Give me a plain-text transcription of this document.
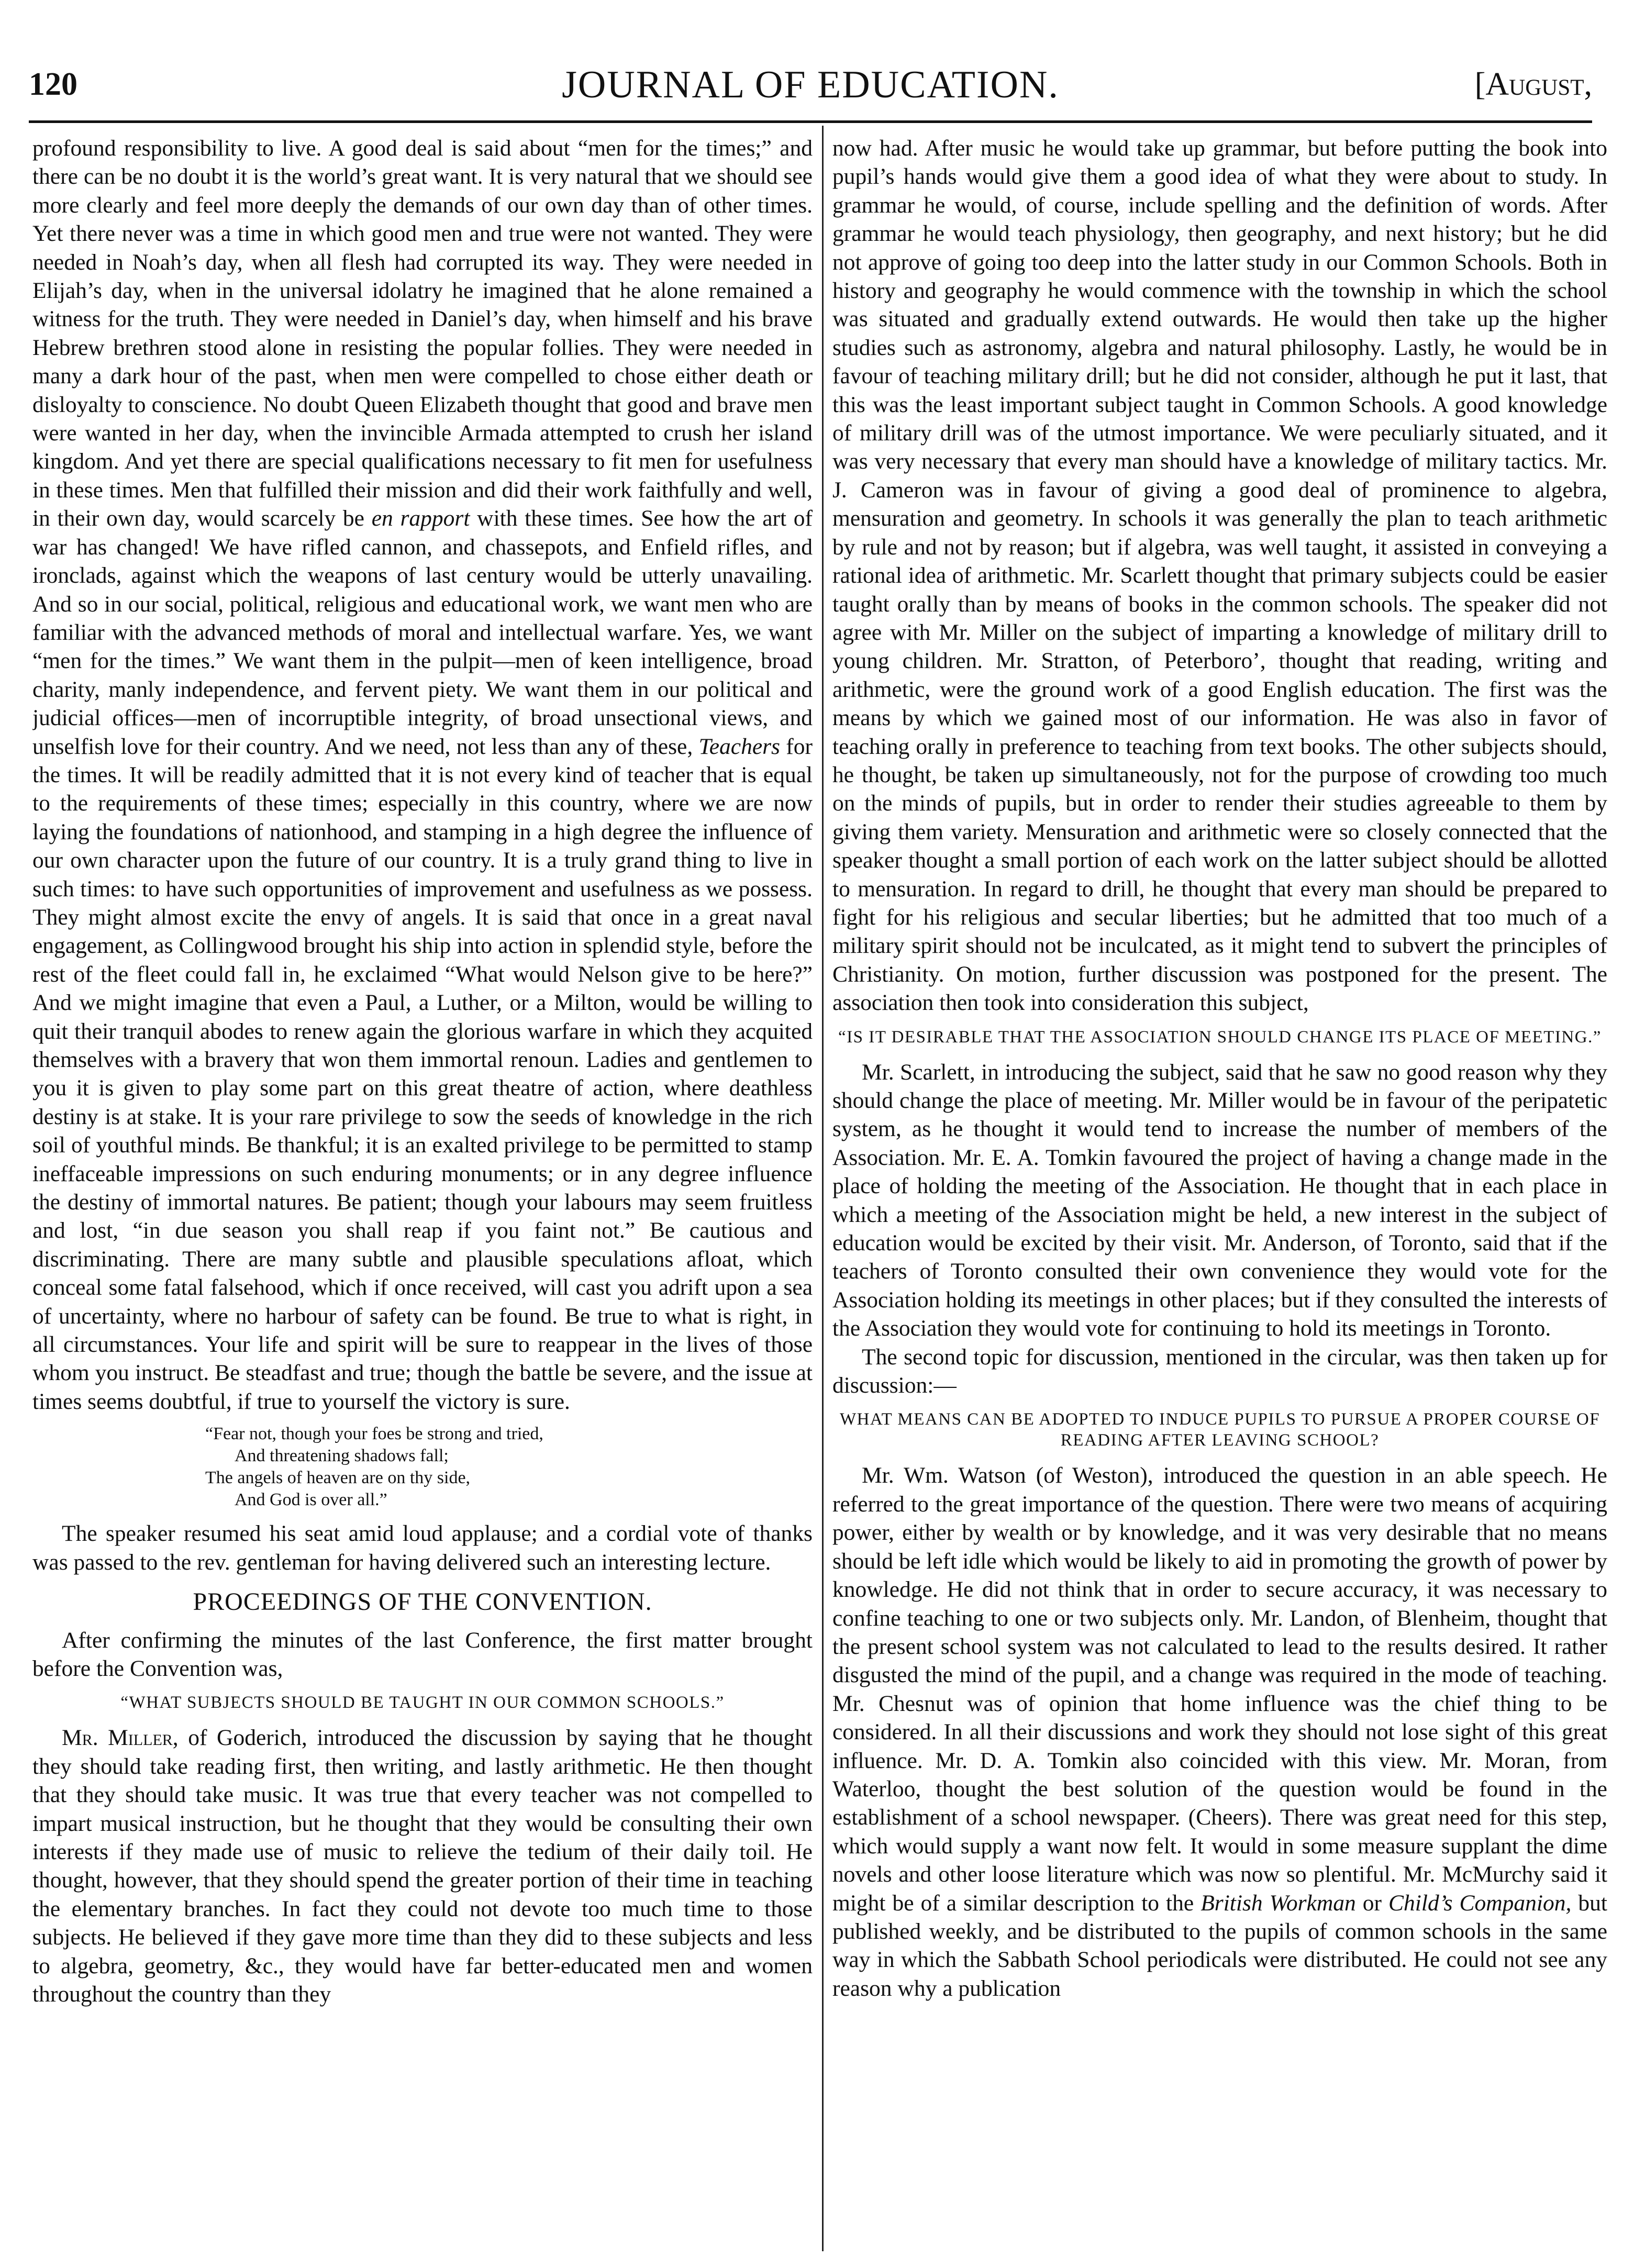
120	JOURNAL OF EDUCATION.	[August,

profound responsibility to live. A good deal is said about “men for the times;” and there can be no doubt it is the world’s great want. It is very natural that we should see more clearly and feel more deeply the demands of our own day than of other times. Yet there never was a time in which good men and true were not wanted. They were needed in Noah’s day, when all flesh had corrupted its way. They were needed in Elijah’s day, when in the universal idolatry he imagined that he alone remained a witness for the truth. They were needed in Daniel’s day, when himself and his brave Hebrew brethren stood alone in resisting the popular follies. They were needed in many a dark hour of the past, when men were compelled to chose either death or disloyalty to conscience. No doubt Queen Elizabeth thought that good and brave men were wanted in her day, when the invincible Armada attempted to crush her island kingdom. And yet there are special qualifications necessary to fit men for usefulness in these times. Men that fulfilled their mission and did their work faithfully and well, in their own day, would scarcely be en rapport with these times. See how the art of war has changed! We have rifled cannon, and chassepots, and Enfield rifles, and ironclads, against which the weapons of last century would be utterly unavailing. And so in our social, political, religious and educational work, we want men who are familiar with the advanced methods of moral and intellectual warfare. Yes, we want “men for the times.” We want them in the pulpit—men of keen intelligence, broad charity, manly independence, and fervent piety. We want them in our political and judicial offices—men of incorruptible integrity, of broad unsectional views, and unselfish love for their country. And we need, not less than any of these, Teachers for the times. It will be readily admitted that it is not every kind of teacher that is equal to the requirements of these times; especially in this country, where we are now laying the foundations of nationhood, and stamping in a high degree the influence of our own character upon the future of our country. It is a truly grand thing to live in such times: to have such opportunities of improvement and usefulness as we possess. They might almost excite the envy of angels. It is said that once in a great naval engagement, as Collingwood brought his ship into action in splendid style, before the rest of the fleet could fall in, he exclaimed “What would Nelson give to be here?” And we might imagine that even a Paul, a Luther, or a Milton, would be willing to quit their tranquil abodes to renew again the glorious warfare in which they acquited themselves with a bravery that won them immortal renoun. Ladies and gentlemen to you it is given to play some part on this great theatre of action, where deathless destiny is at stake. It is your rare privilege to sow the seeds of knowledge in the rich soil of youthful minds. Be thankful; it is an exalted privilege to be permitted to stamp ineffaceable impressions on such enduring monuments; or in any degree influence the destiny of immortal natures. Be patient; though your labours may seem fruitless and lost, “in due season you shall reap if you faint not.” Be cautious and discriminating. There are many subtle and plausible speculations afloat, which conceal some fatal falsehood, which if once received, will cast you adrift upon a sea of uncertainty, where no harbour of safety can be found. Be true to what is right, in all circumstances. Your life and spirit will be sure to reappear in the lives of those whom you instruct. Be steadfast and true; though the battle be severe, and the issue at times seems doubtful, if true to yourself the victory is sure.

“Fear not, though your foes be strong and tried,
And threatening shadows fall;
The angels of heaven are on thy side,
And God is over all.”

The speaker resumed his seat amid loud applause; and a cordial vote of thanks was passed to the rev. gentleman for having delivered such an interesting lecture.

PROCEEDINGS OF THE CONVENTION.

After confirming the minutes of the last Conference, the first matter brought before the Convention was,

“WHAT SUBJECTS SHOULD BE TAUGHT IN OUR COMMON SCHOOLS.”

Mr. Miller, of Goderich, introduced the discussion by saying that he thought they should take reading first, then writing, and lastly arithmetic. He then thought that they should take music. It was true that every teacher was not compelled to impart musical instruction, but he thought that they would be consulting their own interests if they made use of music to relieve the tedium of their daily toil. He thought, however, that they should spend the greater portion of their time in teaching the elementary branches. In fact they could not devote too much time to those subjects. He believed if they gave more time than they did to these subjects and less to algebra, geometry, &c., they would have far better-educated men and women throughout the country than they

now had. After music he would take up grammar, but before putting the book into pupil’s hands would give them a good idea of what they were about to study. In grammar he would, of course, include spelling and the definition of words. After grammar he would teach physiology, then geography, and next history; but he did not approve of going too deep into the latter study in our Common Schools. Both in history and geography he would commence with the township in which the school was situated and gradually extend outwards. He would then take up the higher studies such as astronomy, algebra and natural philosophy. Lastly, he would be in favour of teaching military drill; but he did not consider, although he put it last, that this was the least important subject taught in Common Schools. A good knowledge of military drill was of the utmost importance. We were peculiarly situated, and it was very necessary that every man should have a knowledge of military tactics. Mr. J. Cameron was in favour of giving a good deal of prominence to algebra, mensuration and geometry. In schools it was generally the plan to teach arithmetic by rule and not by reason; but if algebra, was well taught, it assisted in conveying a rational idea of arithmetic. Mr. Scarlett thought that primary subjects could be easier taught orally than by means of books in the common schools. The speaker did not agree with Mr. Miller on the subject of imparting a knowledge of military drill to young children. Mr. Stratton, of Peterboro’, thought that reading, writing and arithmetic, were the ground work of a good English education. The first was the means by which we gained most of our information. He was also in favor of teaching orally in preference to teaching from text books. The other subjects should, he thought, be taken up simultaneously, not for the purpose of crowding too much on the minds of pupils, but in order to render their studies agreeable to them by giving them variety. Mensuration and arithmetic were so closely connected that the speaker thought a small portion of each work on the latter subject should be allotted to mensuration. In regard to drill, he thought that every man should be prepared to fight for his religious and secular liberties; but he admitted that too much of a military spirit should not be inculcated, as it might tend to subvert the principles of Christianity. On motion, further discussion was postponed for the present. The association then took into consideration this subject,

“IS IT DESIRABLE THAT THE ASSOCIATION SHOULD CHANGE ITS PLACE OF MEETING.”

Mr. Scarlett, in introducing the subject, said that he saw no good reason why they should change the place of meeting. Mr. Miller would be in favour of the peripatetic system, as he thought it would tend to increase the number of members of the Association. Mr. E. A. Tomkin favoured the project of having a change made in the place of holding the meeting of the Association. He thought that in each place in which a meeting of the Association might be held, a new interest in the subject of education would be excited by their visit. Mr. Anderson, of Toronto, said that if the teachers of Toronto consulted their own convenience they would vote for the Association holding its meetings in other places; but if they consulted the interests of the Association they would vote for continuing to hold its meetings in Toronto.

The second topic for discussion, mentioned in the circular, was then taken up for discussion:—

WHAT MEANS CAN BE ADOPTED TO INDUCE PUPILS TO PURSUE A PROPER COURSE OF READING AFTER LEAVING SCHOOL?

Mr. Wm. Watson (of Weston), introduced the question in an able speech. He referred to the great importance of the question. There were two means of acquiring power, either by wealth or by knowledge, and it was very desirable that no means should be left idle which would be likely to aid in promoting the growth of power by knowledge. He did not think that in order to secure accuracy, it was necessary to confine teaching to one or two subjects only. Mr. Landon, of Blenheim, thought that the present school system was not calculated to lead to the results desired. It rather disgusted the mind of the pupil, and a change was required in the mode of teaching. Mr. Chesnut was of opinion that home influence was the chief thing to be considered. In all their discussions and work they should not lose sight of this great influence. Mr. D. A. Tomkin also coincided with this view. Mr. Moran, from Waterloo, thought the best solution of the question would be found in the establishment of a school newspaper. (Cheers). There was great need for this step, which would supply a want now felt. It would in some measure supplant the dime novels and other loose literature which was now so plentiful. Mr. McMurchy said it might be of a similar description to the British Workman or Child’s Companion, but published weekly, and be distributed to the pupils of common schools in the same way in which the Sabbath School periodicals were distributed. He could not see any reason why a publication
